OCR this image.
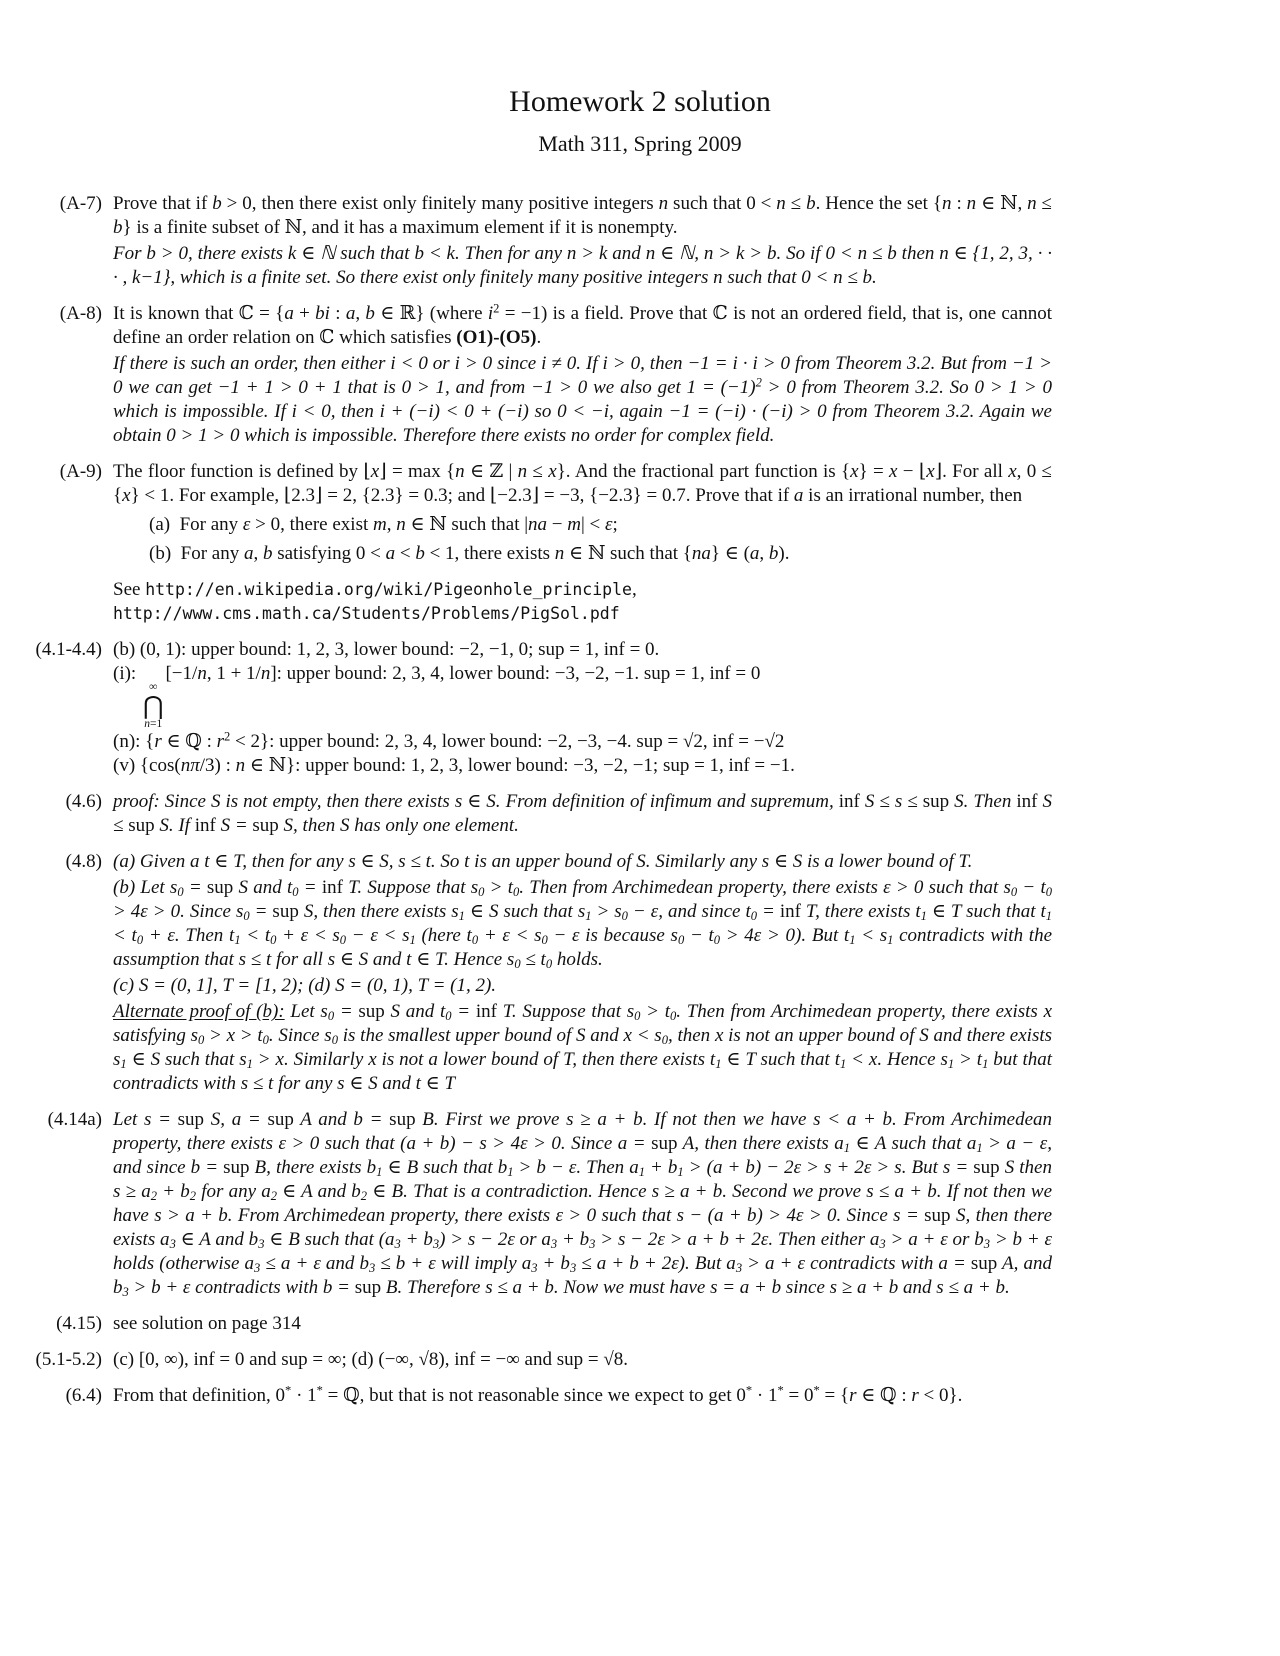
Homework 2 solution
Math 311, Spring 2009
(A-7) Prove that if b > 0, then there exist only finitely many positive integers n such that 0 < n ≤ b. Hence the set {n : n ∈ ℕ, n ≤ b} is a finite subset of ℕ, and it has a maximum element if it is nonempty.
For b > 0, there exists k ∈ ℕ such that b < k. Then for any n > k and n ∈ ℕ, n > k > b. So if 0 < n ≤ b then n ∈ {1, 2, 3, · · · , k−1}, which is a finite set. So there exist only finitely many positive integers n such that 0 < n ≤ b.
(A-8) It is known that ℂ = {a + bi : a, b ∈ ℝ} (where $i^2 = -1$) is a field. Prove that ℂ is not an ordered field, that is, one cannot define an order relation on ℂ which satisfies (O1)-(O5).
If there is such an order, then either i < 0 or i > 0 since i ≠ 0. If i > 0, then −1 = i · i > 0 from Theorem 3.2. But from −1 > 0 we can get −1 + 1 > 0 + 1 that is 0 > 1, and from −1 > 0 we also get $1 = (-1)^2 > 0$ from Theorem 3.2. So 0 > 1 > 0 which is impossible. If i < 0, then i + (−i) < 0 + (−i) so 0 < −i, again −1 = (−i) · (−i) > 0 from Theorem 3.2. Again we obtain 0 > 1 > 0 which is impossible. Therefore there exists no order for complex field.
(A-9) The floor function is defined by ⌊x⌋ = max {n ∈ ℤ | n ≤ x}. And the fractional part function is {x} = x − ⌊x⌋. For all x, 0 ≤ {x} < 1. For example, ⌊2.3⌋ = 2, {2.3} = 0.3; and ⌊−2.3⌋ = −3, {−2.3} = 0.7. Prove that if a is an irrational number, then
(a)  For any ε > 0, there exist m, n ∈ ℕ such that |na − m| < ε;
(b)  For any a, b satisfying 0 < a < b < 1, there exists n ∈ ℕ such that {na} ∈ (a, b).
See http://en.wikipedia.org/wiki/Pigeonhole_principle,
http://www.cms.math.ca/Students/Problems/PigSol.pdf
(4.1-4.4) (b) (0, 1): upper bound: 1, 2, 3, lower bound: −2, −1, 0; sup = 1, inf = 0.
(i):
∞
⋂
n=1
[−1/n, 1 + 1/n]: upper bound: 2, 3, 4, lower bound: −3, −2, −1. sup = 1, inf = 0
(n): {r ∈ ℚ : $r^2 < 2$}: upper bound: 2, 3, 4, lower bound: −2, −3, −4. sup = √2, inf = −√2
(v) {cos(nπ/3) : n ∈ ℕ}: upper bound: 1, 2, 3, lower bound: −3, −2, −1; sup = 1, inf = −1.
(4.6) proof: Since S is not empty, then there exists s ∈ S. From definition of infimum and supremum, inf S ≤ s ≤ sup S. Then inf S ≤ sup S. If inf S = sup S, then S has only one element.
(4.8) (a) Given a t ∈ T, then for any s ∈ S, s ≤ t. So t is an upper bound of S. Similarly any s ∈ S is a lower bound of T.
(b) Let $s_0$ = sup S and $t_0$ = inf T. Suppose that $s_0 > t_0$. Then from Archimedean property, there exists ε > 0 such that $s_0 - t_0 > 4\varepsilon > 0$. Since $s_0$ = sup S, then there exists $s_1$ ∈ S such that $s_1 > s_0 - \varepsilon$, and since $t_0$ = inf T, there exists $t_1$ ∈ T such that $t_1 < t_0 + \varepsilon$. Then $t_1 < t_0 + \varepsilon < s_0 - \varepsilon < s_1$ (here $t_0 + \varepsilon < s_0 - \varepsilon$ is because $s_0 - t_0 > 4\varepsilon > 0$). But $t_1 < s_1$ contradicts with the assumption that s ≤ t for all s ∈ S and t ∈ T. Hence $s_0 \le t_0$ holds.
(c) S = (0, 1], T = [1, 2); (d) S = (0, 1), T = (1, 2).
Alternate proof of (b): Let $s_0$ = sup S and $t_0$ = inf T. Suppose that $s_0 > t_0$. Then from Archimedean property, there exists x satisfying $s_0 > x > t_0$. Since $s_0$ is the smallest upper bound of S and $x < s_0$, then x is not an upper bound of S and there exists $s_1$ ∈ S such that $s_1 > x$. Similarly x is not a lower bound of T, then there exists $t_1$ ∈ T such that $t_1 < x$. Hence $s_1 > t_1$ but that contradicts with s ≤ t for any s ∈ S and t ∈ T
(4.14a) Let s = sup S, a = sup A and b = sup B. First we prove s ≥ a + b. If not then we have s < a + b. From Archimedean property, there exists ε > 0 such that (a + b) − s > 4ε > 0. Since a = sup A, then there exists $a_1$ ∈ A such that $a_1 > a - \varepsilon$, and since b = sup B, there exists $b_1$ ∈ B such that $b_1 > b - \varepsilon$. Then $a_1 + b_1 > (a + b) - 2\varepsilon > s + 2\varepsilon > s$. But s = sup S then $s \ge a_2 + b_2$ for any $a_2$ ∈ A and $b_2$ ∈ B. That is a contradiction. Hence s ≥ a + b. Second we prove s ≤ a + b. If not then we have s > a + b. From Archimedean property, there exists ε > 0 such that s − (a + b) > 4ε > 0. Since s = sup S, then there exists $a_3$ ∈ A and $b_3$ ∈ B such that $(a_3 + b_3) > s - 2\varepsilon$ or $a_3 + b_3 > s - 2\varepsilon > a + b + 2\varepsilon$. Then either $a_3 > a + \varepsilon$ or $b_3 > b + \varepsilon$ holds (otherwise $a_3 \le a + \varepsilon$ and $b_3 \le b + \varepsilon$ will imply $a_3 + b_3 \le a + b + 2\varepsilon$). But $a_3 > a + \varepsilon$ contradicts with a = sup A, and $b_3 > b + \varepsilon$ contradicts with b = sup B. Therefore s ≤ a + b. Now we must have s = a + b since s ≥ a + b and s ≤ a + b.
(4.15) see solution on page 314
(5.1-5.2) (c) [0, ∞), inf = 0 and sup = ∞; (d) (−∞, √8), inf = −∞ and sup = √8.
(6.4) From that definition, 0* · 1* = ℚ, but that is not reasonable since we expect to get 0* · 1* = 0* = {r ∈ ℚ : r < 0}.
